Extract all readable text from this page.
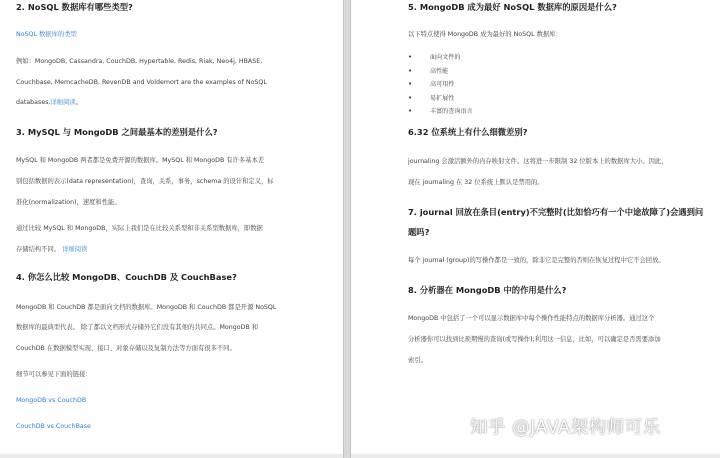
2. NoSQL 数据库有哪些类型?
NoSQL 数据库的类型
例如：MongoDB, Cassandra, CouchDB, Hypertable, Redis, Riak, Neo4j, HBASE,
Couchbase, MemcacheDB, RevenDB and Voldemort are the examples of NoSQL
databases.详细阅读。
3. MySQL 与 MongoDB 之间最基本的差别是什么?
MySQL 和 MongoDB 两者都是免费开源的数据库。MySQL 和 MongoDB 有许多基本差
别包括数据的表示(data representation)，查询，关系，事务，schema 的设计和定义，标
准化(normalization)，速度和性能。
通过比较 MySQL 和 MongoDB，实际上我们是在比较关系型和非关系型数据库，即数据
存储结构不同。 详细阅读
4. 你怎么比较 MongoDB、CouchDB 及 CouchBase?
MongoDB 和 CouchDB 都是面向文档的数据库。MongoDB 和 CouchDB 都是开源 NoSQL
数据库的最典型代表。 除了都以文档形式存储外它们没有其他的共同点。MongoDB 和
CouchDB 在数据模型实现、接口、对象存储以及复制方法等方面有很多不同。
细节可以参见下面的链接：
MongoDB vs CouchDB
CouchDB vs CouchBase
5. MongoDB 成为最好 NoSQL 数据库的原因是什么?
以下特点使得 MongoDB 成为最好的 NoSQL 数据库：
• 面向文件的
• 高性能
• 高可用性
• 易扩展性
• 丰富的查询语言
6.32 位系统上有什么细微差别?
journaling 会激活额外的内存映射文件。这将进一步限制 32 位版本上的数据库大小。因此，
现在 journaling 在 32 位系统上默认是禁用的。
7. journal 回放在条目(entry)不完整时(比如恰巧有一个中途故障了)会遇到问
题吗?
每个 journal (group)的写操作都是一致的，除非它是完整的否则在恢复过程中它不会回放。
8. 分析器在 MongoDB 中的作用是什么?
MongoDB 中包括了一个可以显示数据库中每个操作性能特点的数据库分析器。通过这个
分析器你可以找到比预期慢的查询(或写操作);利用这一信息，比如，可以确定是否需要添加
索引。
知乎 @JAVA架构师可乐
